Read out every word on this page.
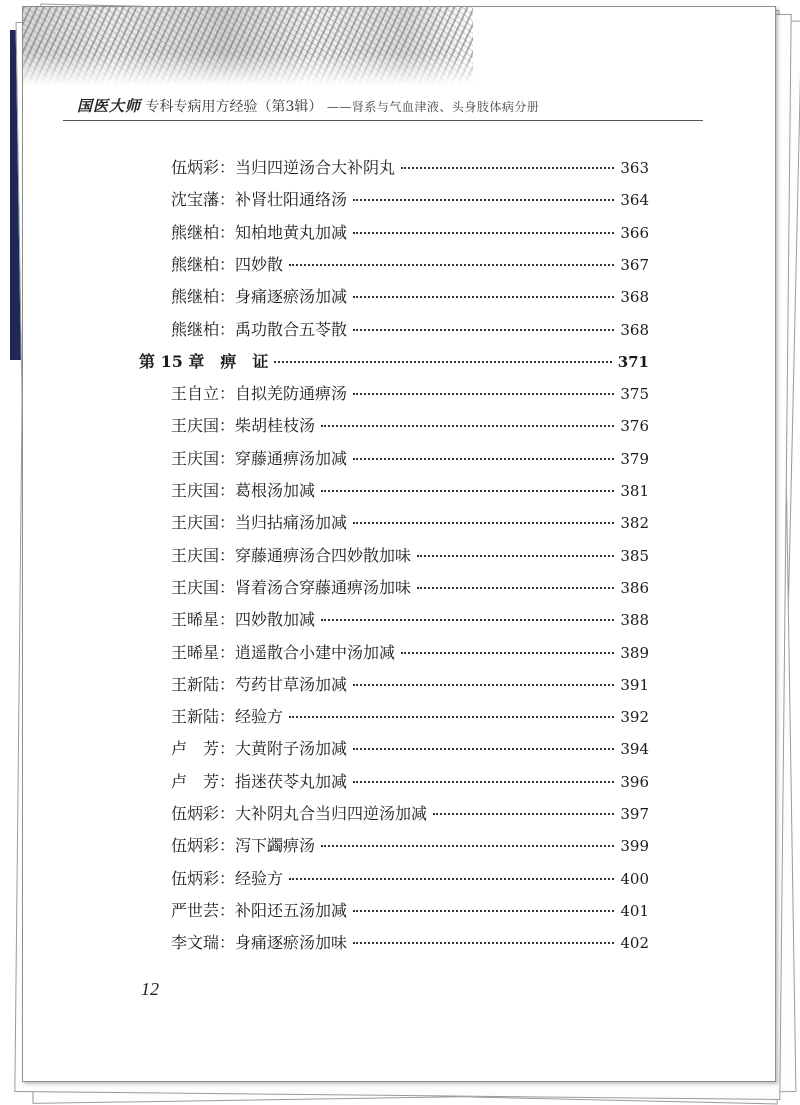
国医大师 专科专病用方经验（第3辑） ——肾系与气血津液、头身肢体病分册
伍炳彩：当归四逆汤合大补阴丸	363
沈宝藩：补肾壮阳通络汤	364
熊继柏：知柏地黄丸加减	366
熊继柏：四妙散	367
熊继柏：身痛逐瘀汤加减	368
熊继柏：禹功散合五苓散	368
第 15 章　痹　证	371
王自立：自拟羌防通痹汤	375
王庆国：柴胡桂枝汤	376
王庆国：穿藤通痹汤加减	379
王庆国：葛根汤加减	381
王庆国：当归拈痛汤加减	382
王庆国：穿藤通痹汤合四妙散加味	385
王庆国：肾着汤合穿藤通痹汤加味	386
王晞星：四妙散加减	388
王晞星：逍遥散合小建中汤加减	389
王新陆：芍药甘草汤加减	391
王新陆：经验方	392
卢　芳：大黄附子汤加减	394
卢　芳：指迷茯苓丸加减	396
伍炳彩：大补阴丸合当归四逆汤加减	397
伍炳彩：泻下蠲痹汤	399
伍炳彩：经验方	400
严世芸：补阳还五汤加减	401
李文瑞：身痛逐瘀汤加味	402
12
